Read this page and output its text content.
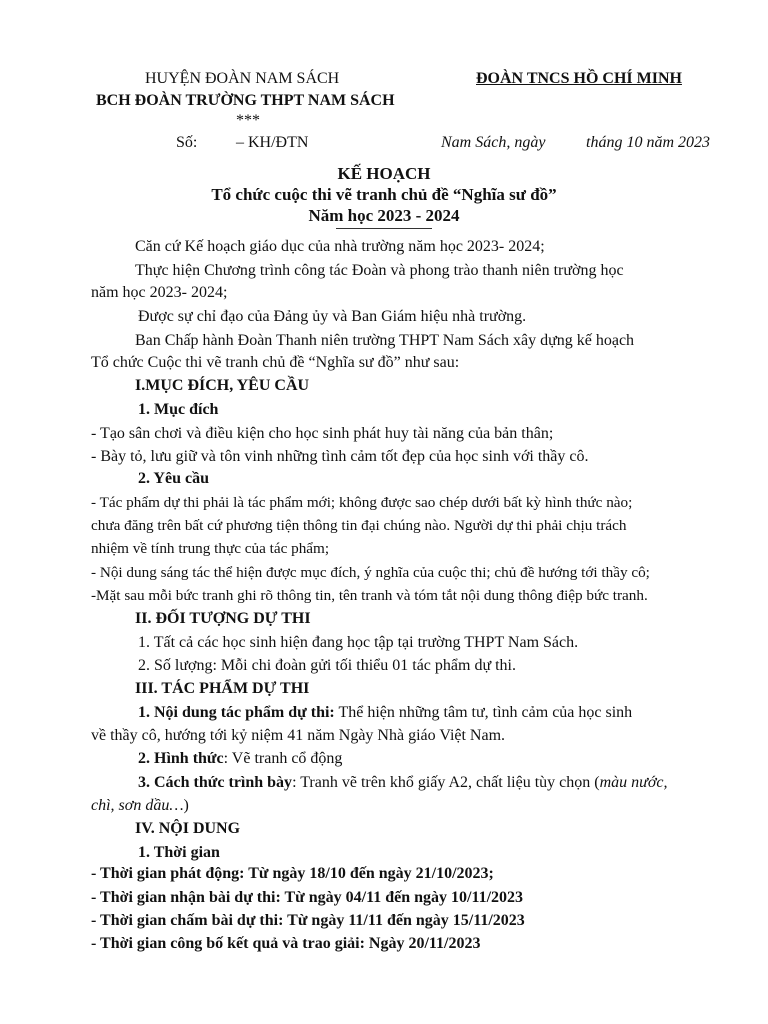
HUYỆN ĐOÀN NAM SÁCH
BCH ĐOÀN TRƯỜNG THPT NAM SÁCH
***
ĐOÀN TNCS HỒ CHÍ MINH
Số: – KH/ĐTN	Nam Sách, ngày	tháng 10 năm 2023
KẾ HOẠCH
Tổ chức cuộc thi vẽ tranh chủ đề “Nghĩa sư đồ”
Năm học 2023 - 2024
Căn cứ Kế hoạch giáo dục của nhà trường năm học 2023- 2024;
Thực hiện Chương trình công tác Đoàn và phong trào thanh niên trường học
năm học 2023- 2024;
Được sự chỉ đạo của Đảng ủy và Ban Giám hiệu nhà trường.
Ban Chấp hành Đoàn Thanh niên trường THPT Nam Sách xây dựng kế hoạch
Tổ chức Cuộc thi vẽ tranh chủ đề “Nghĩa sư đồ” như sau:
I.MỤC ĐÍCH, YÊU CẦU
1. Mục đích
- Tạo sân chơi và điều kiện cho học sinh phát huy tài năng của bản thân;
- Bày tỏ, lưu giữ và tôn vinh những tình cảm tốt đẹp của học sinh với thầy cô.
2. Yêu cầu
- Tác phẩm dự thi phải là tác phẩm mới; không được sao chép dưới bất kỳ hình thức nào;
chưa đăng trên bất cứ phương tiện thông tin đại chúng nào. Người dự thi phải chịu trách
nhiệm về tính trung thực của tác phẩm;
- Nội dung sáng tác thể hiện được mục đích, ý nghĩa của cuộc thi; chủ đề hướng tới thầy cô;
-Mặt sau mỗi bức tranh ghi rõ thông tin, tên tranh và tóm tắt nội dung thông điệp bức tranh.
II. ĐỐI TƯỢNG DỰ THI
1. Tất cả các học sinh hiện đang học tập tại trường THPT Nam Sách.
2. Số lượng: Mỗi chi đoàn gửi tối thiểu 01 tác phẩm dự thi.
III. TÁC PHẨM DỰ THI
1. Nội dung tác phẩm dự thi: Thể hiện những tâm tư, tình cảm của học sinh
về thầy cô, hướng tới kỷ niệm 41 năm Ngày Nhà giáo Việt Nam.
2. Hình thức: Vẽ tranh cổ động
3. Cách thức trình bày: Tranh vẽ trên khổ giấy A2, chất liệu tùy chọn (màu nước,
chì, sơn dầu…)
IV. NỘI DUNG
1. Thời gian
- Thời gian phát động: Từ ngày 18/10 đến ngày 21/10/2023;
- Thời gian nhận bài dự thi: Từ ngày 04/11 đến ngày 10/11/2023
- Thời gian chấm bài dự thi: Từ ngày 11/11 đến ngày 15/11/2023
- Thời gian công bố kết quả và trao giải: Ngày 20/11/2023
